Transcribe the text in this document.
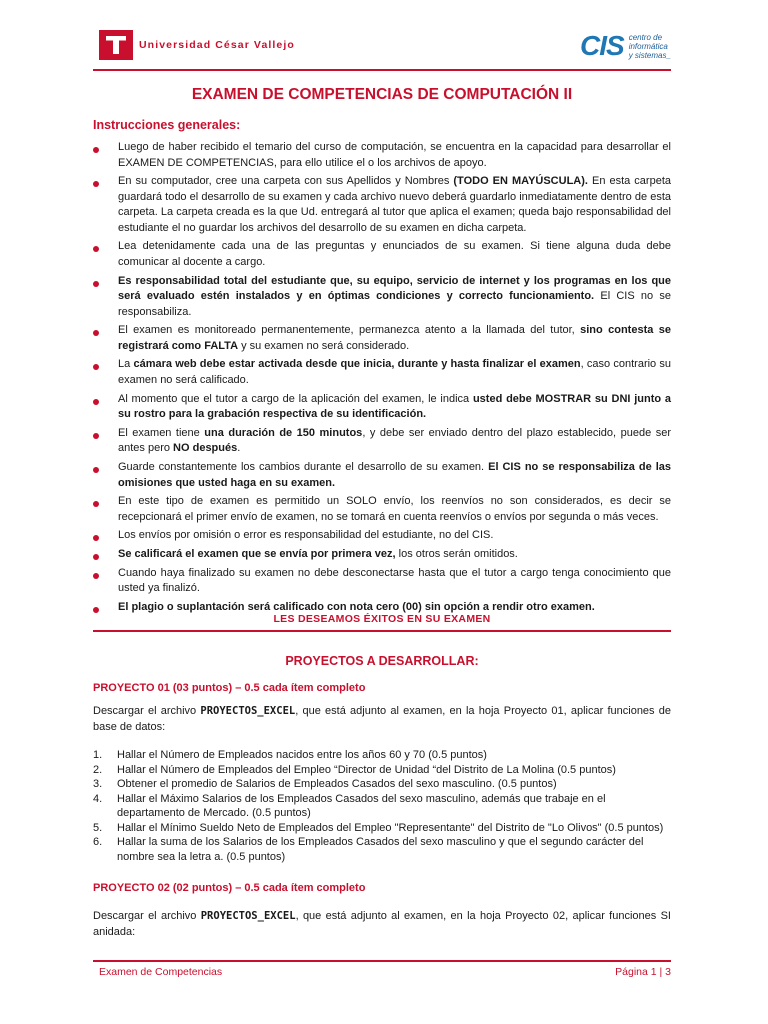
Universidad César Vallejo	CIS centro de
informática
y sistemas_
EXAMEN DE COMPETENCIAS DE COMPUTACIÓN II
Instrucciones generales:
Luego de haber recibido el temario del curso de computación, se encuentra en la capacidad para desarrollar el EXAMEN DE COMPETENCIAS, para ello utilice el o los archivos de apoyo.
En su computador, cree una carpeta con sus Apellidos y Nombres (TODO EN MAYÚSCULA). En esta carpeta guardará todo el desarrollo de su examen y cada archivo nuevo deberá guardarlo inmediatamente dentro de esta carpeta. La carpeta creada es la que Ud. entregará al tutor que aplica el examen; queda bajo responsabilidad del estudiante el no guardar los archivos del desarrollo de su examen en dicha carpeta.
Lea detenidamente cada una de las preguntas y enunciados de su examen. Si tiene alguna duda debe comunicar al docente a cargo.
Es responsabilidad total del estudiante que, su equipo, servicio de internet y los programas en los que será evaluado estén instalados y en óptimas condiciones y correcto funcionamiento. El CIS no se responsabiliza.
El examen es monitoreado permanentemente, permanezca atento a la llamada del tutor, sino contesta se registrará como FALTA y su examen no será considerado.
La cámara web debe estar activada desde que inicia, durante y hasta finalizar el examen, caso contrario su examen no será calificado.
Al momento que el tutor a cargo de la aplicación del examen, le indica usted debe MOSTRAR su DNI junto a su rostro para la grabación respectiva de su identificación.
El examen tiene una duración de 150 minutos, y debe ser enviado dentro del plazo establecido, puede ser antes pero NO después.
Guarde constantemente los cambios durante el desarrollo de su examen. El CIS no se responsabiliza de las omisiones que usted haga en su examen.
En este tipo de examen es permitido un SOLO envío, los reenvíos no son considerados, es decir se recepcionará el primer envío de examen, no se tomará en cuenta reenvíos o envíos por segunda o más veces.
Los envíos por omisión o error es responsabilidad del estudiante, no del CIS.
Se calificará el examen que se envía por primera vez, los otros serán omitidos.
Cuando haya finalizado su examen no debe desconectarse hasta que el tutor a cargo tenga conocimiento que usted ya finalizó.
El plagio o suplantación será calificado con nota cero (00) sin opción a rendir otro examen.
LES DESEAMOS ÉXITOS EN SU EXAMEN
PROYECTOS A DESARROLLAR:
PROYECTO 01 (03 puntos) – 0.5 cada ítem completo
Descargar el archivo PROYECTOS_EXCEL, que está adjunto al examen, en la hoja Proyecto 01, aplicar funciones de base de datos:
1. Hallar el Número de Empleados nacidos entre los años 60 y 70 (0.5 puntos)
2. Hallar el Número de Empleados del Empleo “Director de Unidad “del Distrito de La Molina (0.5 puntos)
3. Obtener el promedio de Salarios de Empleados Casados del sexo masculino. (0.5 puntos)
4. Hallar el Máximo Salarios de los Empleados Casados del sexo masculino, además que trabaje en el departamento de Mercado. (0.5 puntos)
5. Hallar el Mínimo Sueldo Neto de Empleados del Empleo "Representante" del Distrito de "Lo Olivos" (0.5 puntos)
6. Hallar la suma de los Salarios de los Empleados Casados del sexo masculino y que el segundo carácter del nombre sea la letra a. (0.5 puntos)
PROYECTO 02 (02 puntos) – 0.5 cada ítem completo
Descargar el archivo PROYECTOS_EXCEL, que está adjunto al examen, en la hoja Proyecto 02, aplicar funciones SI anidada:
Examen de Competencias	Página 1 | 3
